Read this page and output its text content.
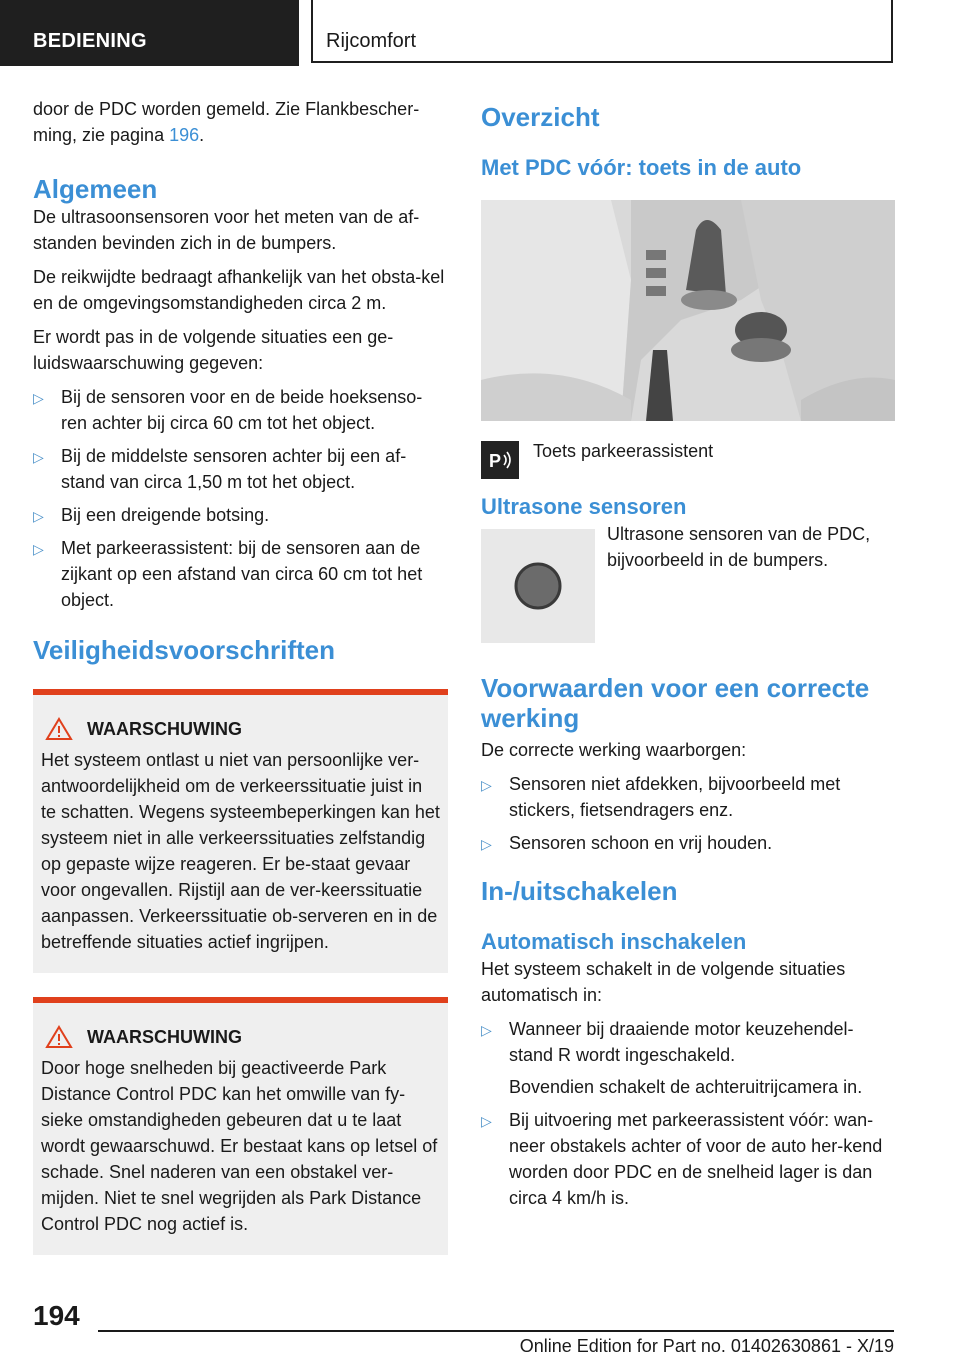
BEDIENING	Rijcomfort

door de PDC worden gemeld. Zie Flankbescher-ming, zie pagina 196.

Algemeen

De ultrasoonsensoren voor het meten van de af-standen bevinden zich in de bumpers.

De reikwijdte bedraagt afhankelijk van het obsta-kel en de omgevingsomstandigheden circa 2 m.

Er wordt pas in de volgende situaties een ge-luidswaarschuwing gegeven:

▷ Bij de sensoren voor en de beide hoeksenso-ren achter bij circa 60 cm tot het object.
▷ Bij de middelste sensoren achter bij een af-stand van circa 1,50 m tot het object.
▷ Bij een dreigende botsing.
▷ Met parkeerassistent: bij de sensoren aan de zijkant op een afstand van circa 60 cm tot het object.
Veiligheidsvoorschriften
WAARSCHUWING

Het systeem ontlast u niet van persoonlijke ver-antwoordelijkheid om de verkeerssituatie juist in te schatten. Wegens systeembeperkingen kan het systeem niet in alle verkeerssituaties zelfstandig op gepaste wijze reageren. Er be-staat gevaar voor ongevallen. Rijstijl aan de ver-keerssituatie aanpassen. Verkeerssituatie ob-serveren en in de betreffende situaties actief ingrijpen.

WAARSCHUWING

Door hoge snelheden bij geactiveerde Park Distance Control PDC kan het omwille van fy-sieke omstandigheden gebeuren dat u te laat wordt gewaarschuwd. Er bestaat kans op letsel of schade. Snel naderen van een obstakel ver-mijden. Niet te snel wegrijden als Park Distance Control PDC nog actief is.

Overzicht
Met PDC vóór: toets in de auto
P Toets parkeerassistent

Ultrasone sensoren

Ultrasone sensoren van de PDC, bijvoorbeeld in de bumpers.

Voorwaarden voor een correcte werking

De correcte werking waarborgen:

▷ Sensoren niet afdekken, bijvoorbeeld met stickers, fietsendragers enz.
▷ Sensoren schoon en vrij houden.
In-/uitschakelen
Automatisch inschakelen

Het systeem schakelt in de volgende situaties automatisch in:

▷ Wanneer bij draaiende motor keuzehendel-stand R wordt ingeschakeld.
Bovendien schakelt de achteruitrijcamera in.
▷ Bij uitvoering met parkeerassistent vóór: wan-neer obstakels achter of voor de auto her-kend worden door PDC en de snelheid lager is dan circa 4 km/h is.
194
Online Edition for Part no. 01402630861 - X/19
